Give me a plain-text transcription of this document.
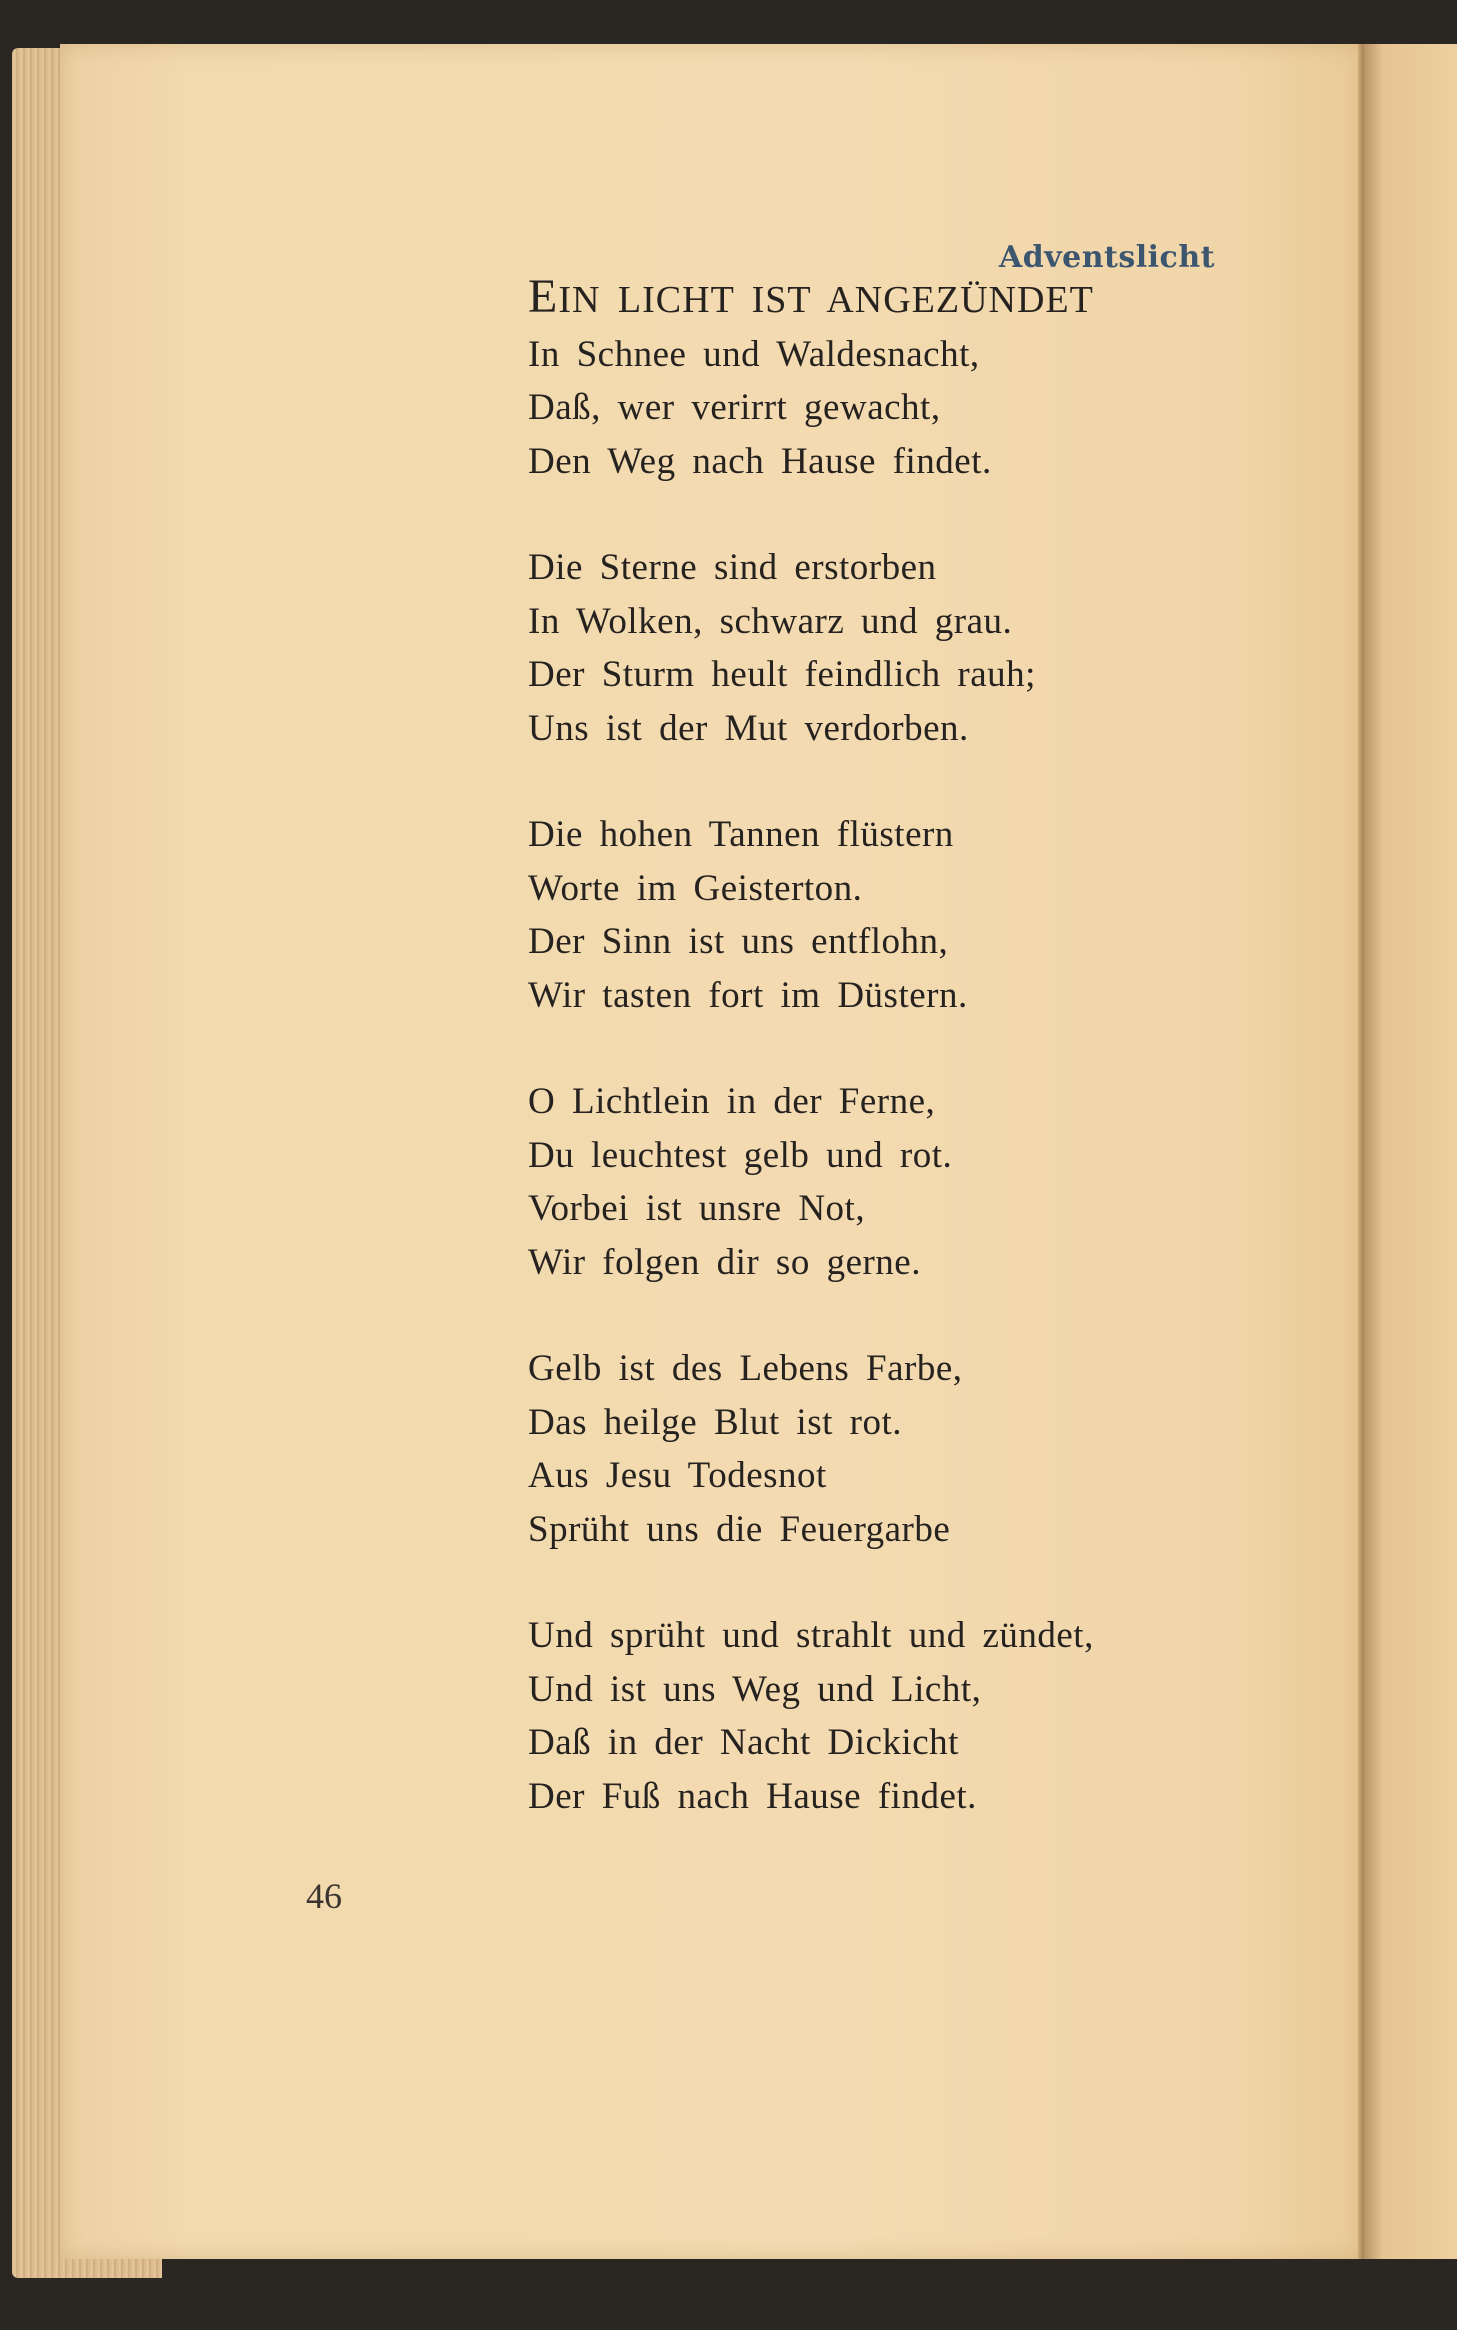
Adventslicht
EIN LICHT IST ANGEZÜNDET
In Schnee und Waldesnacht,
Daß, wer verirrt gewacht,
Den Weg nach Hause findet.
Die Sterne sind erstorben
In Wolken, schwarz und grau.
Der Sturm heult feindlich rauh;
Uns ist der Mut verdorben.
Die hohen Tannen flüstern
Worte im Geisterton.
Der Sinn ist uns entflohn,
Wir tasten fort im Düstern.
O Lichtlein in der Ferne,
Du leuchtest gelb und rot.
Vorbei ist unsre Not,
Wir folgen dir so gerne.
Gelb ist des Lebens Farbe,
Das heilge Blut ist rot.
Aus Jesu Todesnot
Sprüht uns die Feuergarbe
Und sprüht und strahlt und zündet,
Und ist uns Weg und Licht,
Daß in der Nacht Dickicht
Der Fuß nach Hause findet.
46
